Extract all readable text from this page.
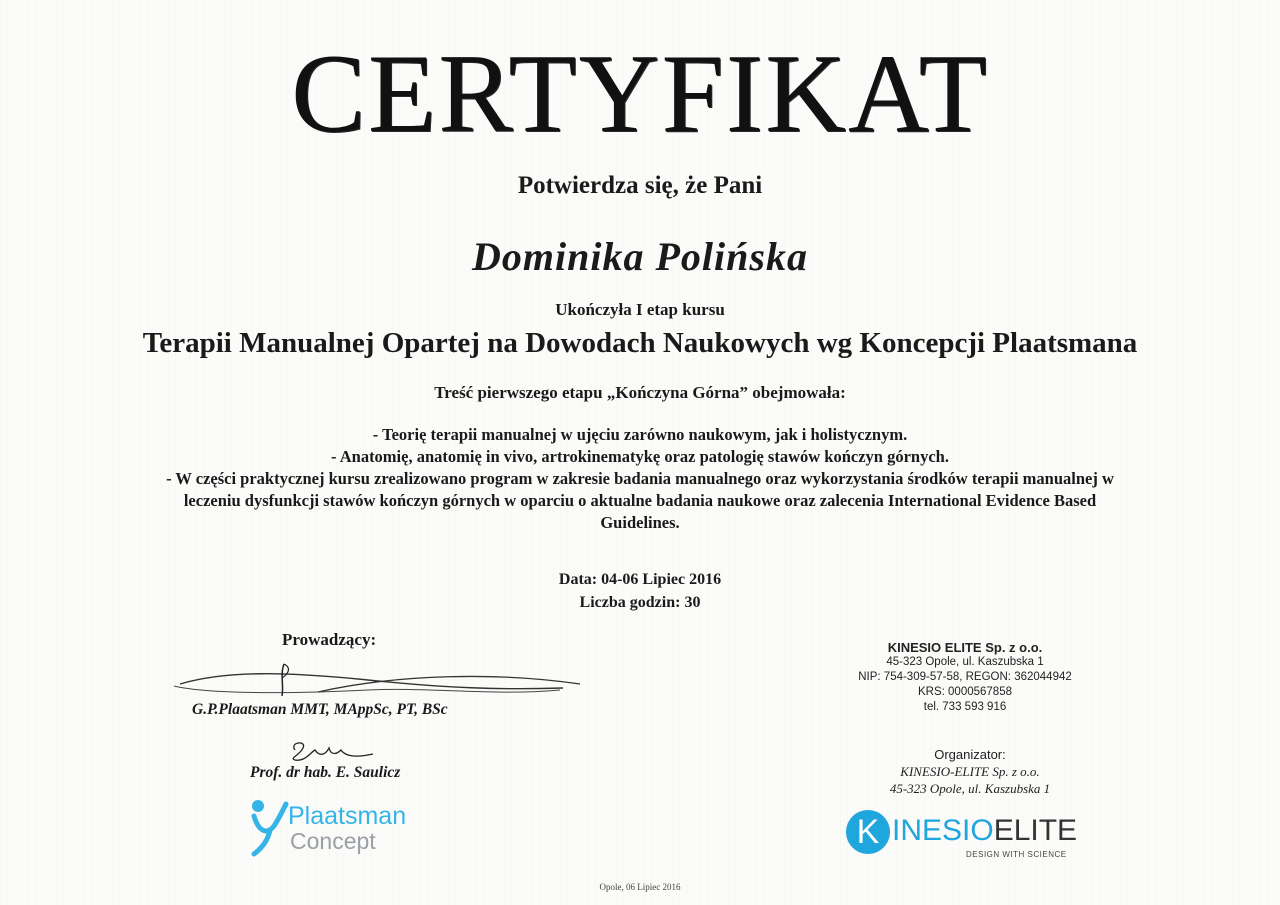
CERTYFIKAT
Potwierdza się, że Pani
Dominika Polińska
Ukończyła I etap kursu
Terapii Manualnej Opartej na Dowodach Naukowych wg Koncepcji Plaatsmana
Treść pierwszego etapu „Kończyna Górna” obejmowała:
- Teorię terapii manualnej w ujęciu zarówno naukowym, jak i holistycznym.
- Anatomię, anatomię in vivo, artrokinematykę oraz patologię stawów kończyn górnych.
- W części praktycznej kursu zrealizowano program w zakresie badania manualnego oraz wykorzystania środków terapii manualnej w
leczeniu dysfunkcji stawów kończyn górnych w oparciu o aktualne badania naukowe oraz zalecenia International Evidence Based
Guidelines.
Data: 04-06 Lipiec 2016
Liczba godzin: 30
Prowadzący:
G.P.Plaatsman MMT, MAppSc, PT, BSc
Prof. dr hab. E. Saulicz
KINESIO ELITE Sp. z o.o.
45-323 Opole, ul. Kaszubska 1
NIP: 754-309-57-58, REGON: 362044942
KRS: 0000567858
tel. 733 593 916
Organizator:
KINESIO-ELITE Sp. z o.o.
45-323 Opole, ul. Kaszubska 1
Plaatsman
Concept	K INESIOELITE
DESIGN WITH SCIENCE
Opole, 06 Lipiec 2016
